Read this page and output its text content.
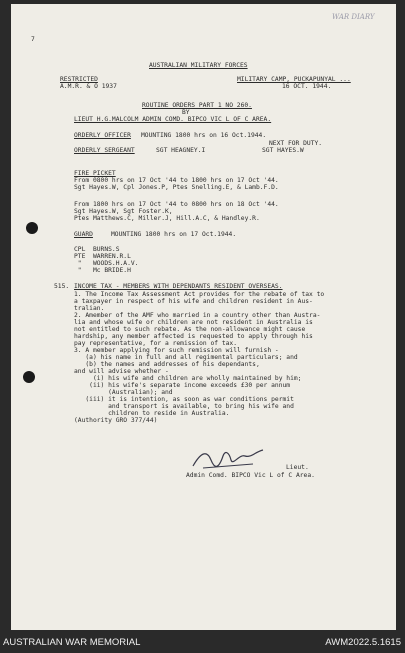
7
WAR DIARY
AUSTRALIAN MILITARY FORCES
RESTRICTED
A.M.R. & O 1937
MILITARY CAMP, PUCKAPUNYAL ...
16 OCT. 1944.
ROUTINE ORDERS PART 1 NO 260.
BY
LIEUT H.G.MALCOLM ADMIN COMD. BIPCO VIC L OF C AREA.
ORDERLY OFFICER MOUNTING 1800 hrs on 16 Oct.1944.
NEXT FOR DUTY.
ORDERLY SERGEANT	SGT HEAGNEY.I	SGT HAYES.W
FIRE PICKET
From 0800 hrs on 17 Oct '44 to 1800 hrs on 17 Oct '44.
Sgt Hayes.W, Cpl Jones.P, Ptes Snelling.E, & Lamb.F.D.
From 1800 hrs on 17 Oct '44 to 0800 hrs on 18 Oct '44.
Sgt Hayes.W, Sgt Foster.K,
Ptes Matthews.C, Miller.J, Hill.A.C, & Handley.R.
GUARD	MOUNTING 1800 hrs on 17 Oct.1944.
CPL  BURNS.S
PTE  WARREN.R.L
"   WOODS.H.A.V.
"   Mc BRIDE.H
515. INCOME TAX - MEMBERS WITH DEPENDANTS RESIDENT OVERSEAS.
1. The Income Tax Assessment Act provides for the rebate of tax to
a taxpayer in respect of his wife and children resident in Aus-
tralian.
2. Amember of the AMF who married in a country other than Austra-
lia and whose wife or children are not resident in Australia is
not entitled to such rebate. As the non-allowance might cause
hardship, any member affected is requested to apply through his
pay representative, for a remission of tax.
3. A member applying for such remission will furnish -
(a) his name in full and all regimental particulars; and
(b) the names and addresses of his dependants,
and will advise whether -
(i) his wife and children are wholly maintained by him;
(ii) his wife's separate income exceeds £30 per annum
(Australian); and
(iii) it is intention, as soon as war conditions permit
and transport is available, to bring his wife and
children to reside in Australia.
(Authority GRO 377/44)
Lieut.
Admin Comd. BIPCO Vic L of C Area.
AUSTRALIAN WAR MEMORIAL	AWM2022.5.1615
